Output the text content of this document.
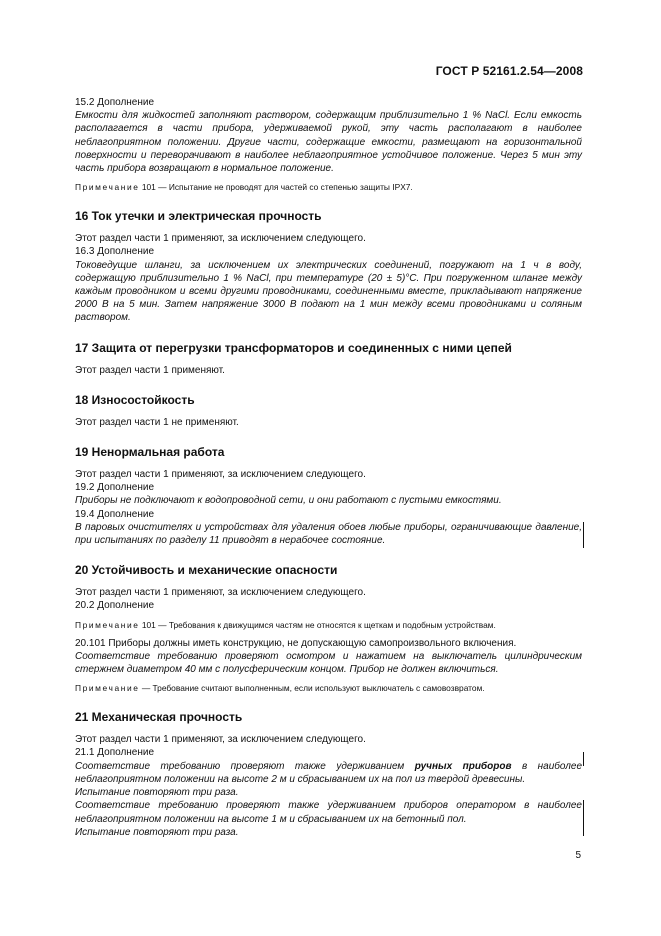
ГОСТ Р 52161.2.54—2008

15.2 Дополнение

Емкости для жидкостей заполняют раствором, содержащим приблизительно 1 % NaCl. Если емкость располагается в части прибора, удерживаемой рукой, эту часть располагают в наиболее неблагоприятном положении. Другие части, содержащие емкости, размещают на горизонтальной поверхности и переворачивают в наиболее неблагоприятное устойчивое положение. Через 5 мин эту часть прибора возвращают в нормальное положение.

Примечание 101 — Испытание не проводят для частей со степенью защиты IPX7.

16 Ток утечки и электрическая прочность

Этот раздел части 1 применяют, за исключением следующего.

16.3 Дополнение

Токоведущие шланги, за исключением их электрических соединений, погружают на 1 ч в воду, содержащую приблизительно 1 % NaCl, при температуре (20 ± 5)°С. При погруженном шланге между каждым проводником и всеми другими проводниками, соединенными вместе, прикладывают напряжение 2000 В на 5 мин. Затем напряжение 3000 В подают на 1 мин между всеми проводниками и соляным раствором.

17 Защита от перегрузки трансформаторов и соединенных с ними цепей

Этот раздел части 1 применяют.

18 Износостойкость

Этот раздел части 1 не применяют.

19 Ненормальная работа

Этот раздел части 1 применяют, за исключением следующего.

19.2 Дополнение

Приборы не подключают к водопроводной сети, и они работают с пустыми емкостями.

19.4 Дополнение

В паровых очистителях и устройствах для удаления обоев любые приборы, ограничивающие давление, при испытаниях по разделу 11 приводят в нерабочее состояние.

20 Устойчивость и механические опасности

Этот раздел части 1 применяют, за исключением следующего.

20.2 Дополнение

Примечание 101 — Требования к движущимся частям не относятся к щеткам и подобным устройствам.

20.101 Приборы должны иметь конструкцию, не допускающую самопроизвольного включения.

Соответствие требованию проверяют осмотром и нажатием на выключатель цилиндрическим стержнем диаметром 40 мм с полусферическим концом. Прибор не должен включиться.

Примечание — Требование считают выполненным, если используют выключатель с самовозвратом.

21 Механическая прочность

Этот раздел части 1 применяют, за исключением следующего.

21.1 Дополнение

Соответствие требованию проверяют также удерживанием ручных приборов в наиболее неблагоприятном положении на высоте 2 м и сбрасыванием их на пол из твердой древесины.

Испытание повторяют три раза.

Соответствие требованию проверяют также удерживанием приборов оператором в наиболее неблагоприятном положении на высоте 1 м и сбрасыванием их на бетонный пол.

Испытание повторяют три раза.

5
